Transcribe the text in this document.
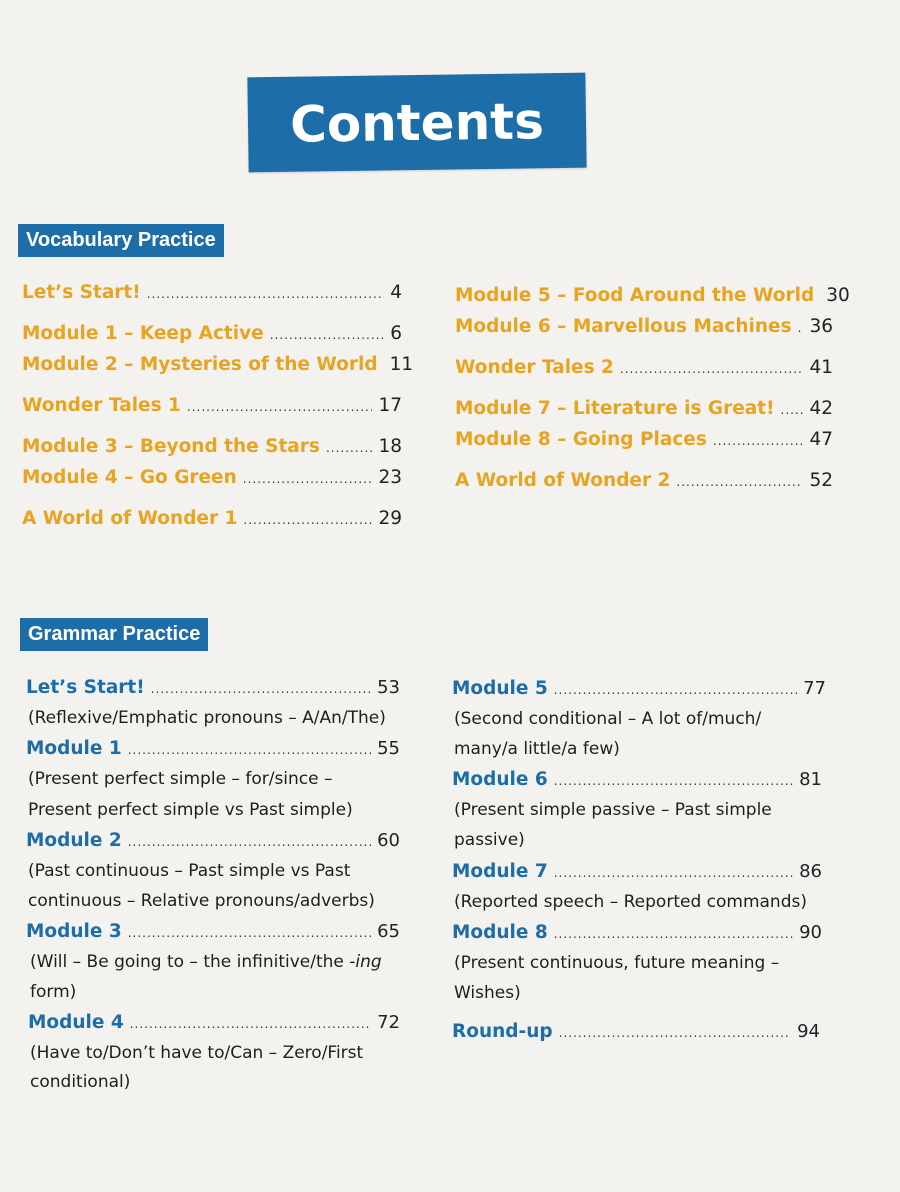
Contents
Vocabulary Practice
Let’s Start! .....	4
Module 1 – Keep Active .....	6
Module 2 – Mysteries of the World 11
Wonder Tales 1 .....	17
Module 3 – Beyond the Stars .....	18
Module 4 – Go Green .....	23
A World of Wonder 1 .....	29
Module 5 – Food Around the World 30
Module 6 – Marvellous Machines ..... 36
Wonder Tales 2 .....	41
Module 7 – Literature is Great! ..... 42
Module 8 – Going Places .....	47
A World of Wonder 2 .....	52
Grammar Practice
Let’s Start! .....	53
(Reflexive/Emphatic pronouns – A/An/The)
Module 1 .....	55
(Present perfect simple – for/since –
Present perfect simple vs Past simple)
Module 2 .....	60
(Past continuous – Past simple vs Past
continuous – Relative pronouns/adverbs)
Module 3 .....	65
(Will – Be going to – the infinitive/the -ing
form)
Module 4 .....	72
(Have to/Don’t have to/Can – Zero/First
conditional)
Module 5 .....	77
(Second conditional – A lot of/much/
many/a little/a few)
Module 6 .....	81
(Present simple passive – Past simple
passive)
Module 7 .....	86
(Reported speech – Reported commands)
Module 8 .....	90
(Present continuous, future meaning –
Wishes)
Round-up .....	94
